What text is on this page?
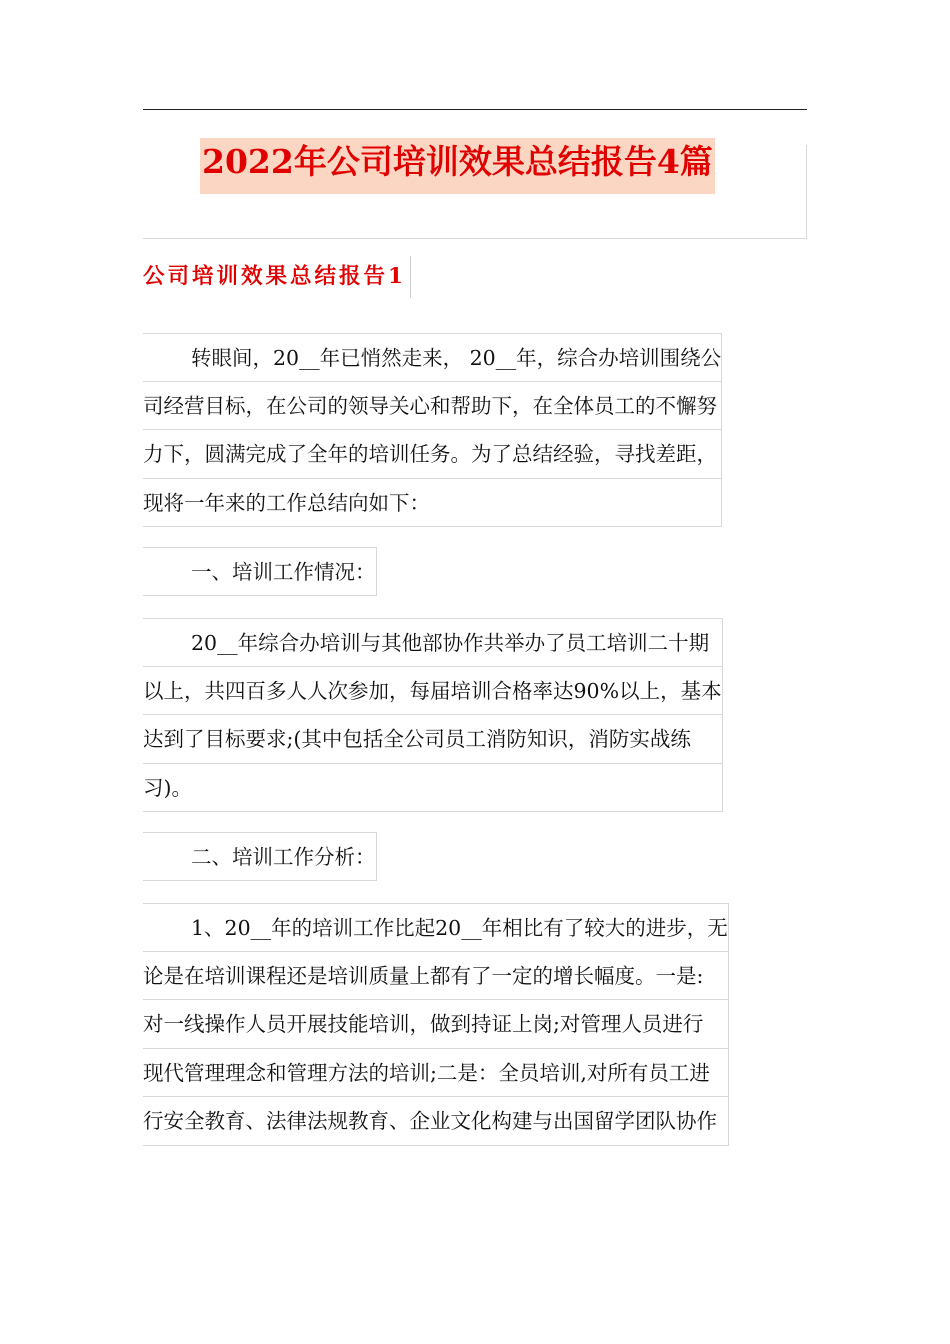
2022年公司培训效果总结报告4篇
公司培训效果总结报告1
转眼间，20__年已悄然走来， 20__年，综合办培训围绕公
司经营目标，在公司的领导关心和帮助下，在全体员工的不懈努
力下，圆满完成了全年的培训任务。为了总结经验，寻找差距，
现将一年来的工作总结向如下：
一、培训工作情况：
20__年综合办培训与其他部协作共举办了员工培训二十期
以上，共四百多人人次参加，每届培训合格率达90%以上，基本
达到了目标要求;(其中包括全公司员工消防知识，消防实战练
习)。
二、培训工作分析：
1、20__年的培训工作比起20__年相比有了较大的进步，无
论是在培训课程还是培训质量上都有了一定的增长幅度。一是:
对一线操作人员开展技能培训，做到持证上岗;对管理人员进行
现代管理理念和管理方法的培训;二是：全员培训,对所有员工进
行安全教育、法律法规教育、企业文化构建与出国留学团队协作
